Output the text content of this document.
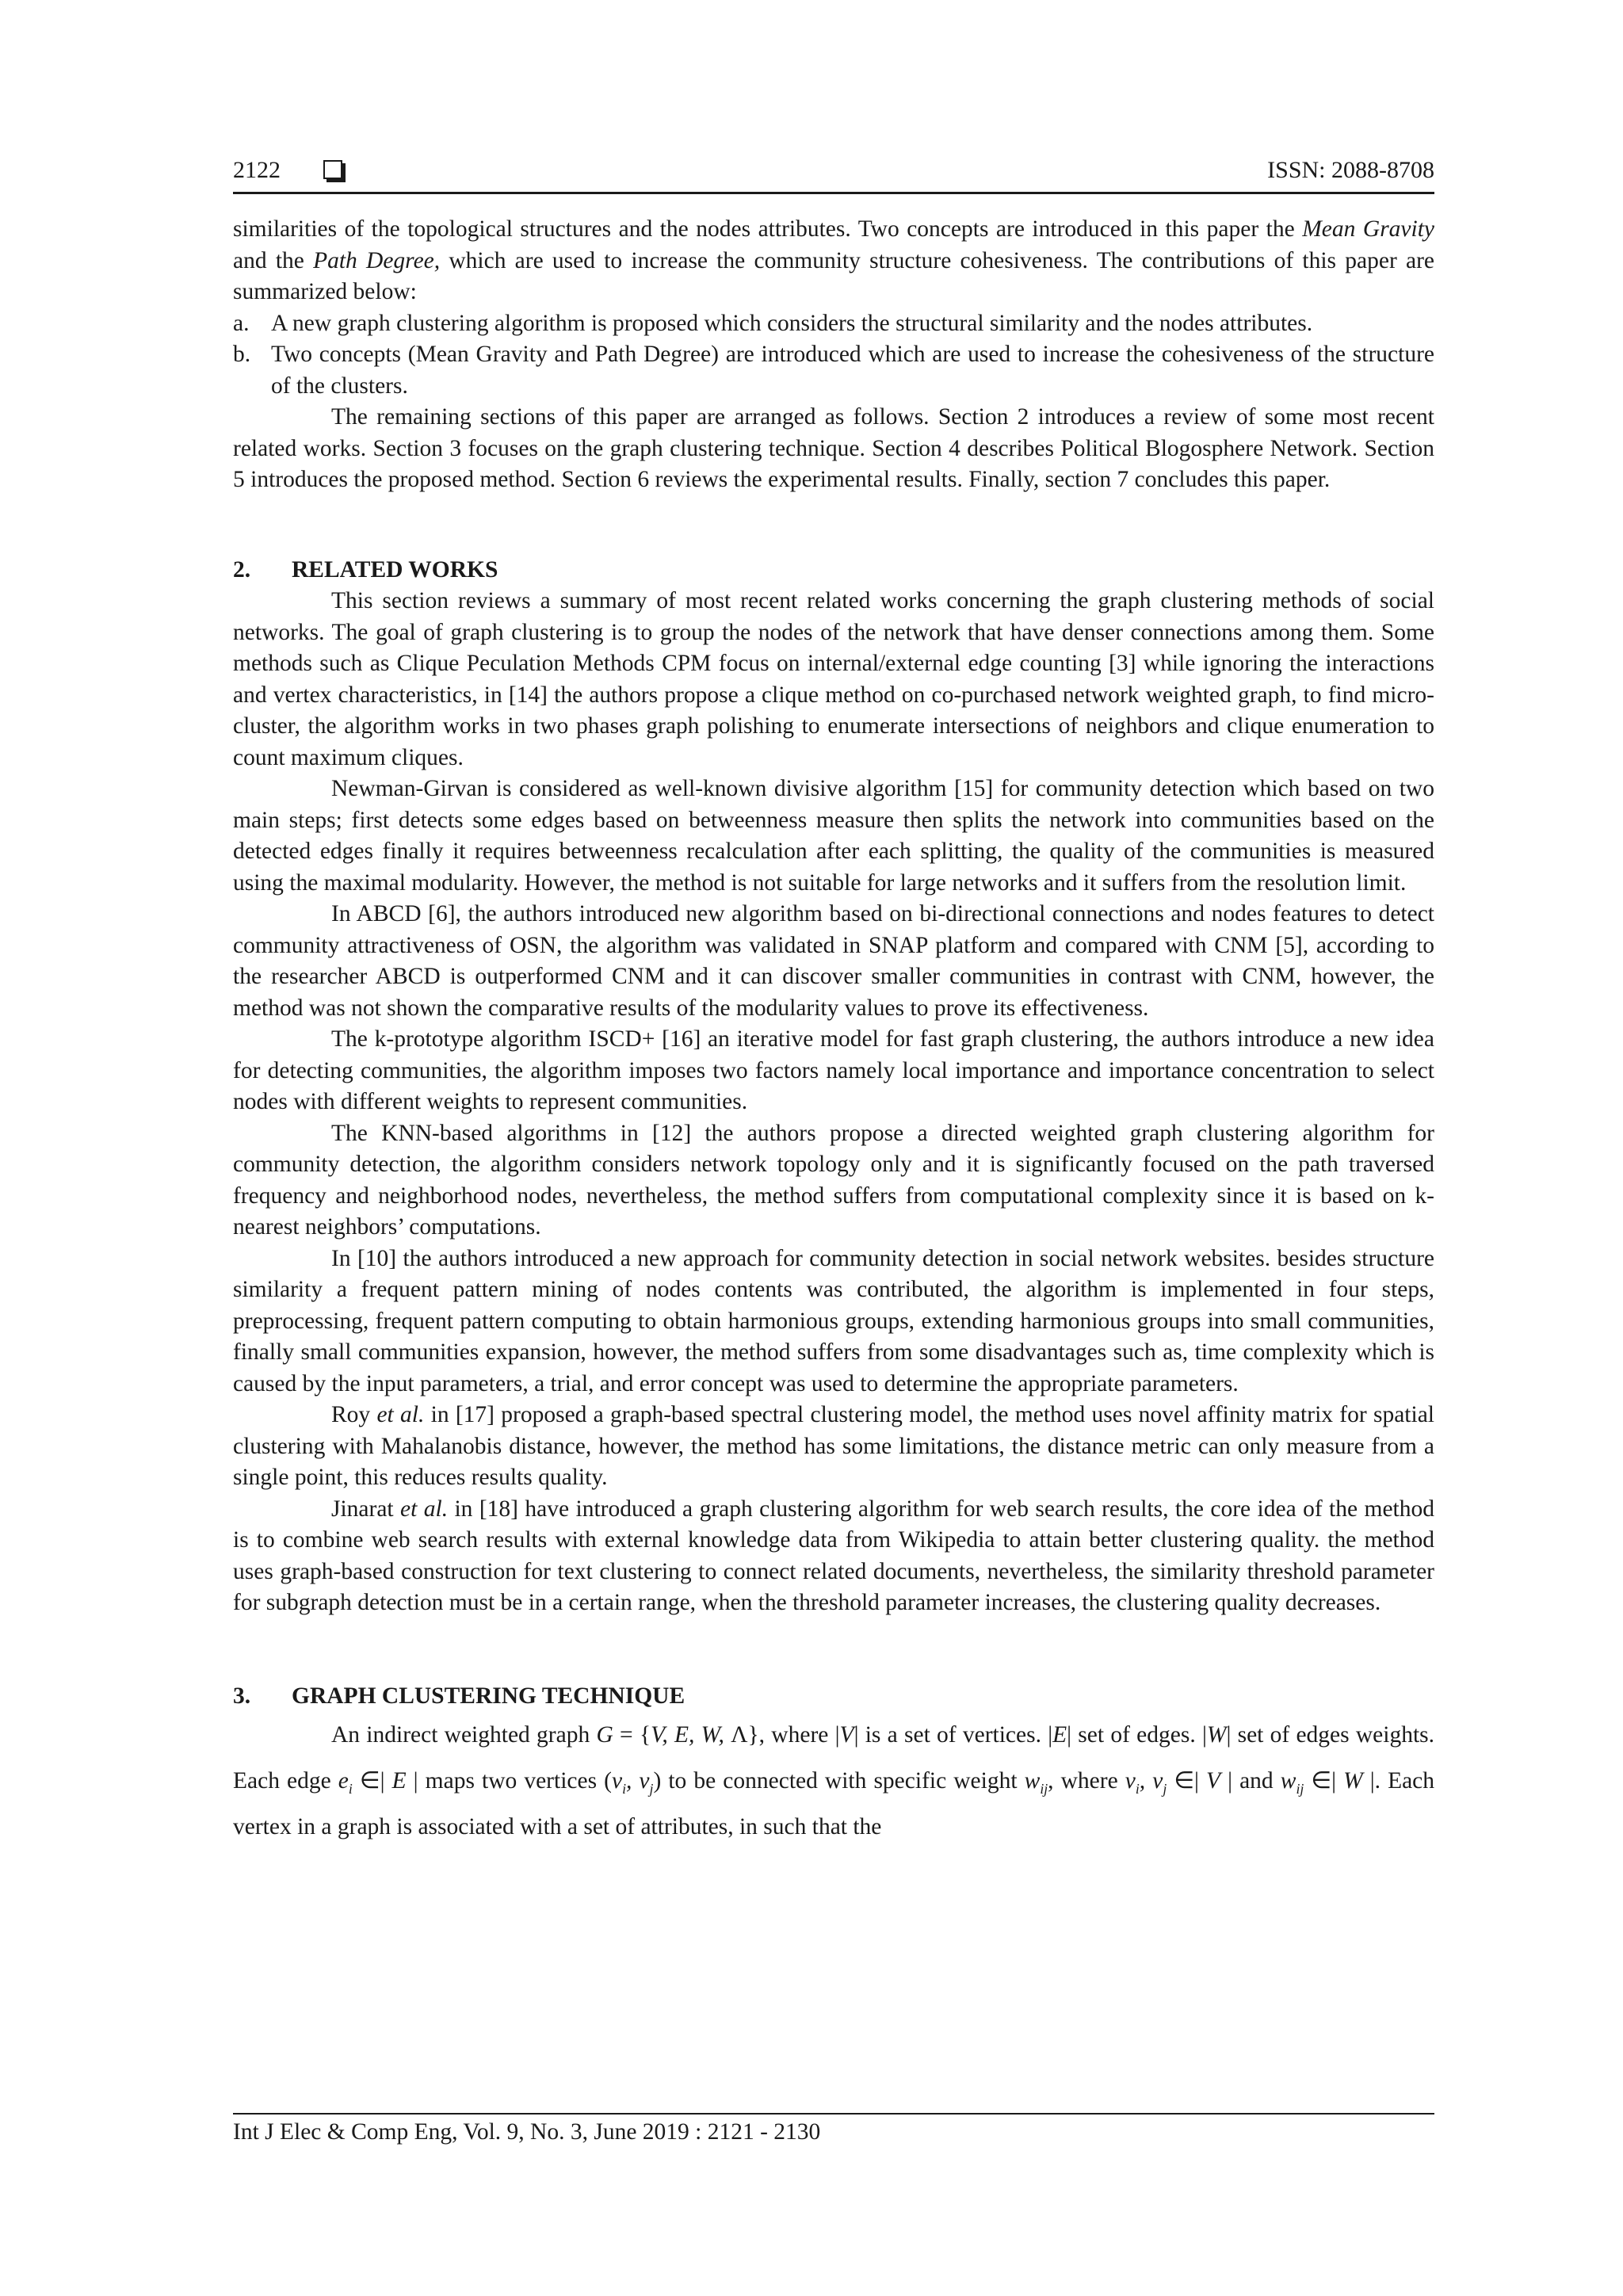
2122	ISSN: 2088-8708

similarities of the topological structures and the nodes attributes. Two concepts are introduced in this paper the Mean Gravity and the Path Degree, which are used to increase the community structure cohesiveness. The contributions of this paper are summarized below:

a. A new graph clustering algorithm is proposed which considers the structural similarity and the nodes attributes.

b. Two concepts (Mean Gravity and Path Degree) are introduced which are used to increase the cohesiveness of the structure of the clusters.

The remaining sections of this paper are arranged as follows. Section 2 introduces a review of some most recent related works. Section 3 focuses on the graph clustering technique. Section 4 describes Political Blogosphere Network. Section 5 introduces the proposed method. Section 6 reviews the experimental results. Finally, section 7 concludes this paper.

2. RELATED WORKS

This section reviews a summary of most recent related works concerning the graph clustering methods of social networks. The goal of graph clustering is to group the nodes of the network that have denser connections among them. Some methods such as Clique Peculation Methods CPM focus on internal/external edge counting [3] while ignoring the interactions and vertex characteristics, in [14] the authors propose a clique method on co-purchased network weighted graph, to find micro-cluster, the algorithm works in two phases graph polishing to enumerate intersections of neighbors and clique enumeration to count maximum cliques.

Newman-Girvan is considered as well-known divisive algorithm [15] for community detection which based on two main steps; first detects some edges based on betweenness measure then splits the network into communities based on the detected edges finally it requires betweenness recalculation after each splitting, the quality of the communities is measured using the maximal modularity. However, the method is not suitable for large networks and it suffers from the resolution limit.

In ABCD [6], the authors introduced new algorithm based on bi-directional connections and nodes features to detect community attractiveness of OSN, the algorithm was validated in SNAP platform and compared with CNM [5], according to the researcher ABCD is outperformed CNM and it can discover smaller communities in contrast with CNM, however, the method was not shown the comparative results of the modularity values to prove its effectiveness.

The k-prototype algorithm ISCD+ [16] an iterative model for fast graph clustering, the authors introduce a new idea for detecting communities, the algorithm imposes two factors namely local importance and importance concentration to select nodes with different weights to represent communities.

The KNN-based algorithms in [12] the authors propose a directed weighted graph clustering algorithm for community detection, the algorithm considers network topology only and it is significantly focused on the path traversed frequency and neighborhood nodes, nevertheless, the method suffers from computational complexity since it is based on k-nearest neighbors’ computations.

In [10] the authors introduced a new approach for community detection in social network websites. besides structure similarity a frequent pattern mining of nodes contents was contributed, the algorithm is implemented in four steps, preprocessing, frequent pattern computing to obtain harmonious groups, extending harmonious groups into small communities, finally small communities expansion, however, the method suffers from some disadvantages such as, time complexity which is caused by the input parameters, a trial, and error concept was used to determine the appropriate parameters.

Roy et al. in [17] proposed a graph-based spectral clustering model, the method uses novel affinity matrix for spatial clustering with Mahalanobis distance, however, the method has some limitations, the distance metric can only measure from a single point, this reduces results quality.

Jinarat et al. in [18] have introduced a graph clustering algorithm for web search results, the core idea of the method is to combine web search results with external knowledge data from Wikipedia to attain better clustering quality. the method uses graph-based construction for text clustering to connect related documents, nevertheless, the similarity threshold parameter for subgraph detection must be in a certain range, when the threshold parameter increases, the clustering quality decreases.

3. GRAPH CLUSTERING TECHNIQUE

An indirect weighted graph G = {V, E, W, Λ}, where |V| is a set of vertices. |E| set of edges. |W| set of edges weights. Each edge $e_i$ ∈| E | maps two vertices ($v_i$, $v_j$) to be connected with specific weight $w_{ij}$, where $v_i$, $v_j$ ∈| V | and $w_{ij}$ ∈| W |. Each vertex in a graph is associated with a set of attributes, in such that the

Int J Elec & Comp Eng, Vol. 9, No. 3, June 2019 : 2121 - 2130
